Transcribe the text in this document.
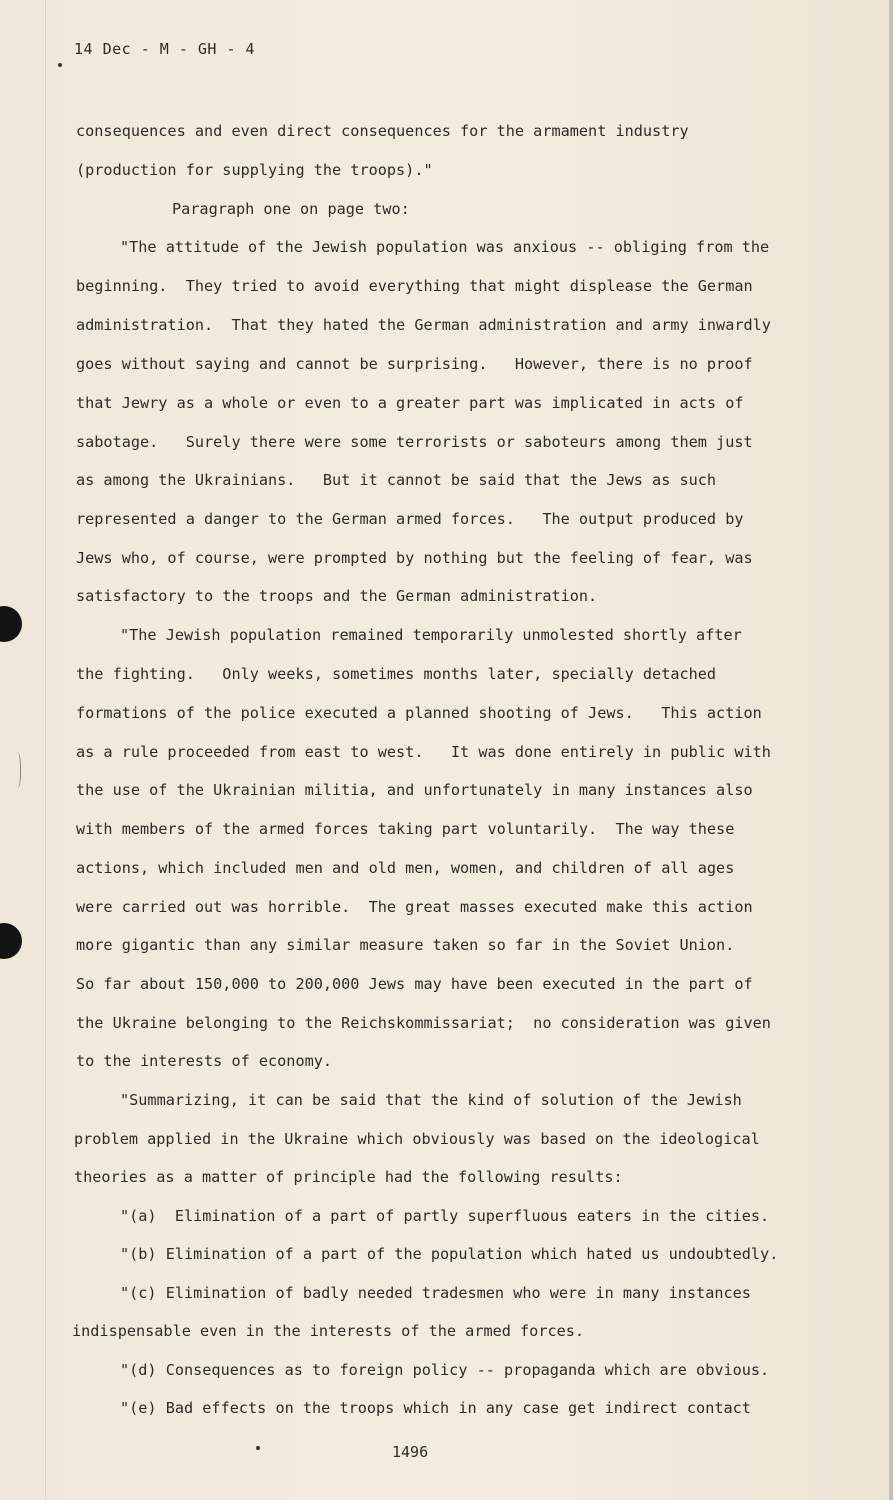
14 Dec - M - GH - 4
consequences and even direct consequences for the armament industry
(production for supplying the troops)."
Paragraph one on page two:
"The attitude of the Jewish population was anxious -- obliging from the
beginning.  They tried to avoid everything that might displease the German
administration.  That they hated the German administration and army inwardly
goes without saying and cannot be surprising.   However, there is no proof
that Jewry as a whole or even to a greater part was implicated in acts of
sabotage.   Surely there were some terrorists or saboteurs among them just
as among the Ukrainians.   But it cannot be said that the Jews as such
represented a danger to the German armed forces.   The output produced by
Jews who, of course, were prompted by nothing but the feeling of fear, was
satisfactory to the troops and the German administration.
"The Jewish population remained temporarily unmolested shortly after
the fighting.   Only weeks, sometimes months later, specially detached
formations of the police executed a planned shooting of Jews.   This action
as a rule proceeded from east to west.   It was done entirely in public with
the use of the Ukrainian militia, and unfortunately in many instances also
with members of the armed forces taking part voluntarily.  The way these
actions, which included men and old men, women, and children of all ages
were carried out was horrible.  The great masses executed make this action
more gigantic than any similar measure taken so far in the Soviet Union.
So far about 150,000 to 200,000 Jews may have been executed in the part of
the Ukraine belonging to the Reichskommissariat;  no consideration was given
to the interests of economy.
"Summarizing, it can be said that the kind of solution of the Jewish
problem applied in the Ukraine which obviously was based on the ideological
theories as a matter of principle had the following results:
"(a)  Elimination of a part of partly superfluous eaters in the cities.
"(b) Elimination of a part of the population which hated us undoubtedly.
"(c) Elimination of badly needed tradesmen who were in many instances
indispensable even in the interests of the armed forces.
"(d) Consequences as to foreign policy -- propaganda which are obvious.
"(e) Bad effects on the troops which in any case get indirect contact
1496
